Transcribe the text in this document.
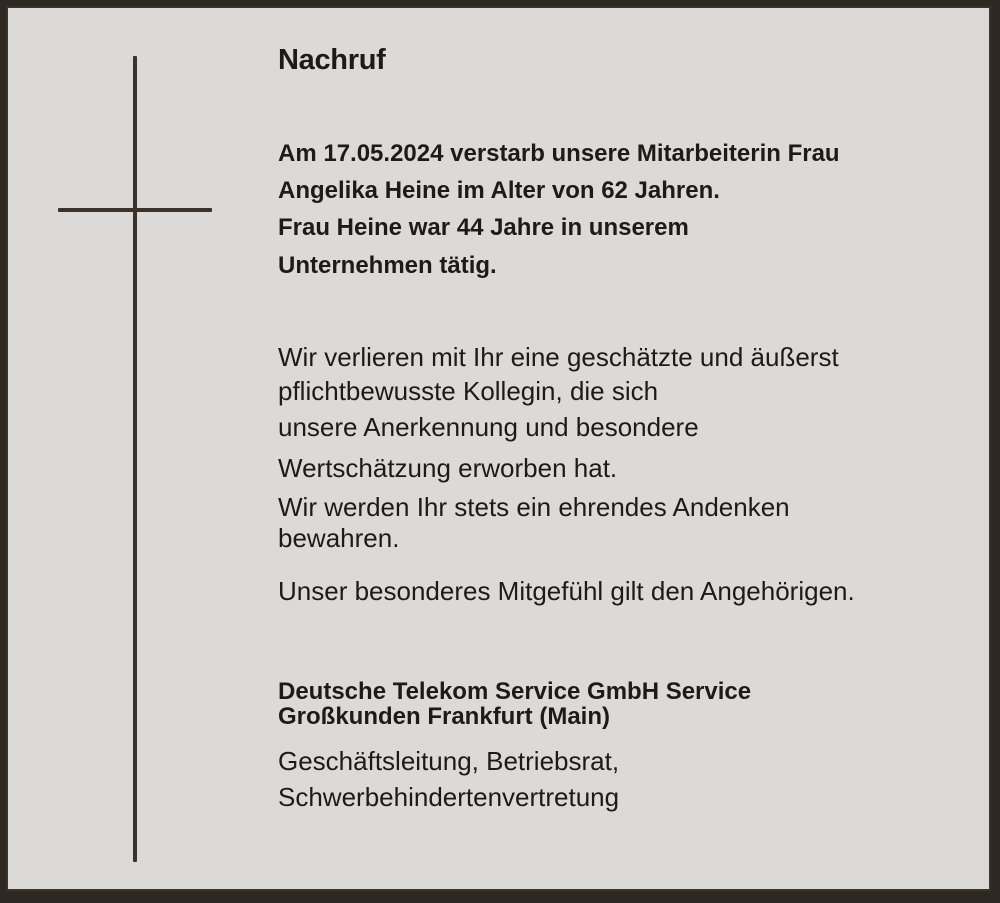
Nachruf

Am 17.05.2024 verstarb unsere Mitarbeiterin Frau

Angelika Heine im Alter von 62 Jahren.

Frau Heine war 44 Jahre in unserem

Unternehmen tätig.

Wir verlieren mit Ihr eine geschätzte und äußerst

pflichtbewusste Kollegin, die sich

unsere Anerkennung und besondere

Wertschätzung erworben hat.

Wir werden Ihr stets ein ehrendes Andenken

bewahren.

Unser besonderes Mitgefühl gilt den Angehörigen.

Deutsche Telekom Service GmbH Service

Großkunden Frankfurt (Main)

Geschäftsleitung, Betriebsrat,

Schwerbehindertenvertretung
